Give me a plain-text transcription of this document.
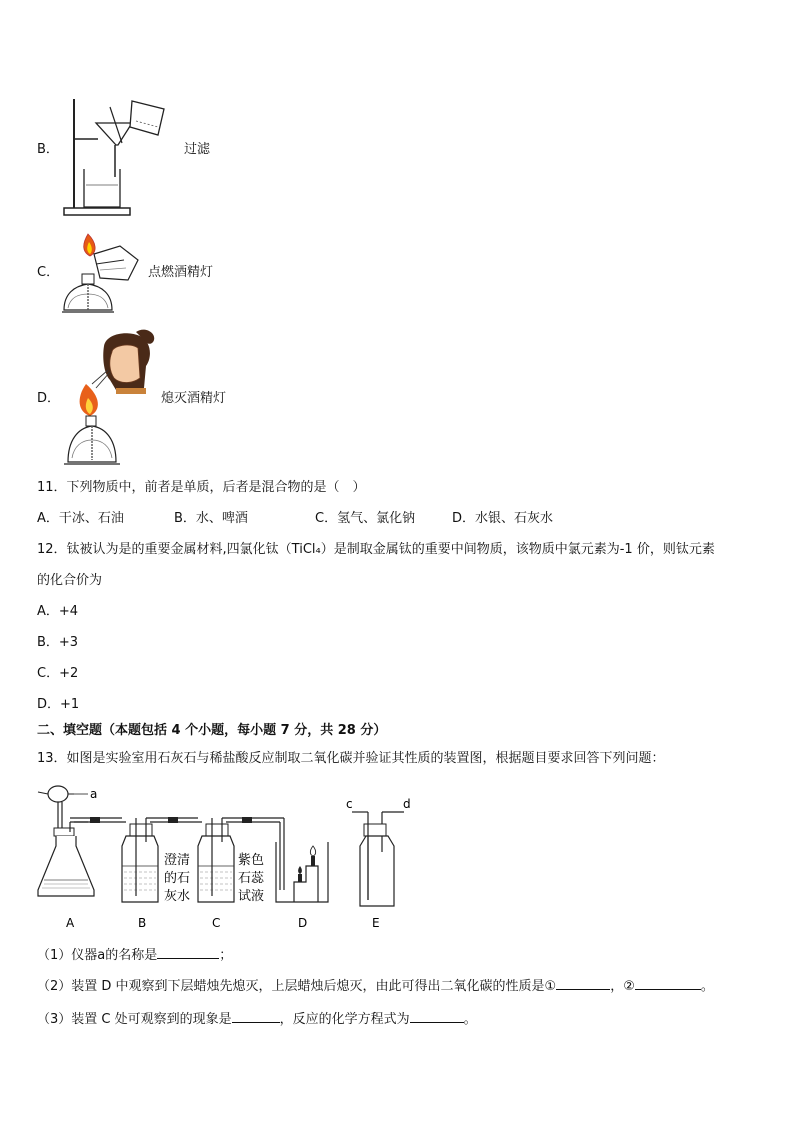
B．	过滤
C．	点燃酒精灯
D．	熄灭酒精灯
11．下列物质中，前者是单质，后者是混合物的是（　）
A．干冰、石油	B．水、啤酒	C．氢气、氯化钠	D．水银、石灰水
12．钛被认为是的重要金属材料,四氯化钛（TiCl₄）是制取金属钛的重要中间物质，该物质中氯元素为-1 价，则钛元素
的化合价为
A．+4
B．+3
C．+2
D．+1
二、填空题（本题包括 4 个小题，每小题 7 分，共 28 分）
13．如图是实验室用石灰石与稀盐酸反应制取二氧化碳并验证其性质的装置图，根据题目要求回答下列问题：
a
c	d
澄清
的石
灰水
紫色
石蕊
试液
A	B	C	D	E
（1）仪器a的名称是	；
（2）装置 D 中观察到下层蜡烛先熄灭，上层蜡烛后熄灭，由此可得出二氧化碳的性质是①	，②	。
（3）装置 C 处可观察到的现象是	，反应的化学方程式为	。
